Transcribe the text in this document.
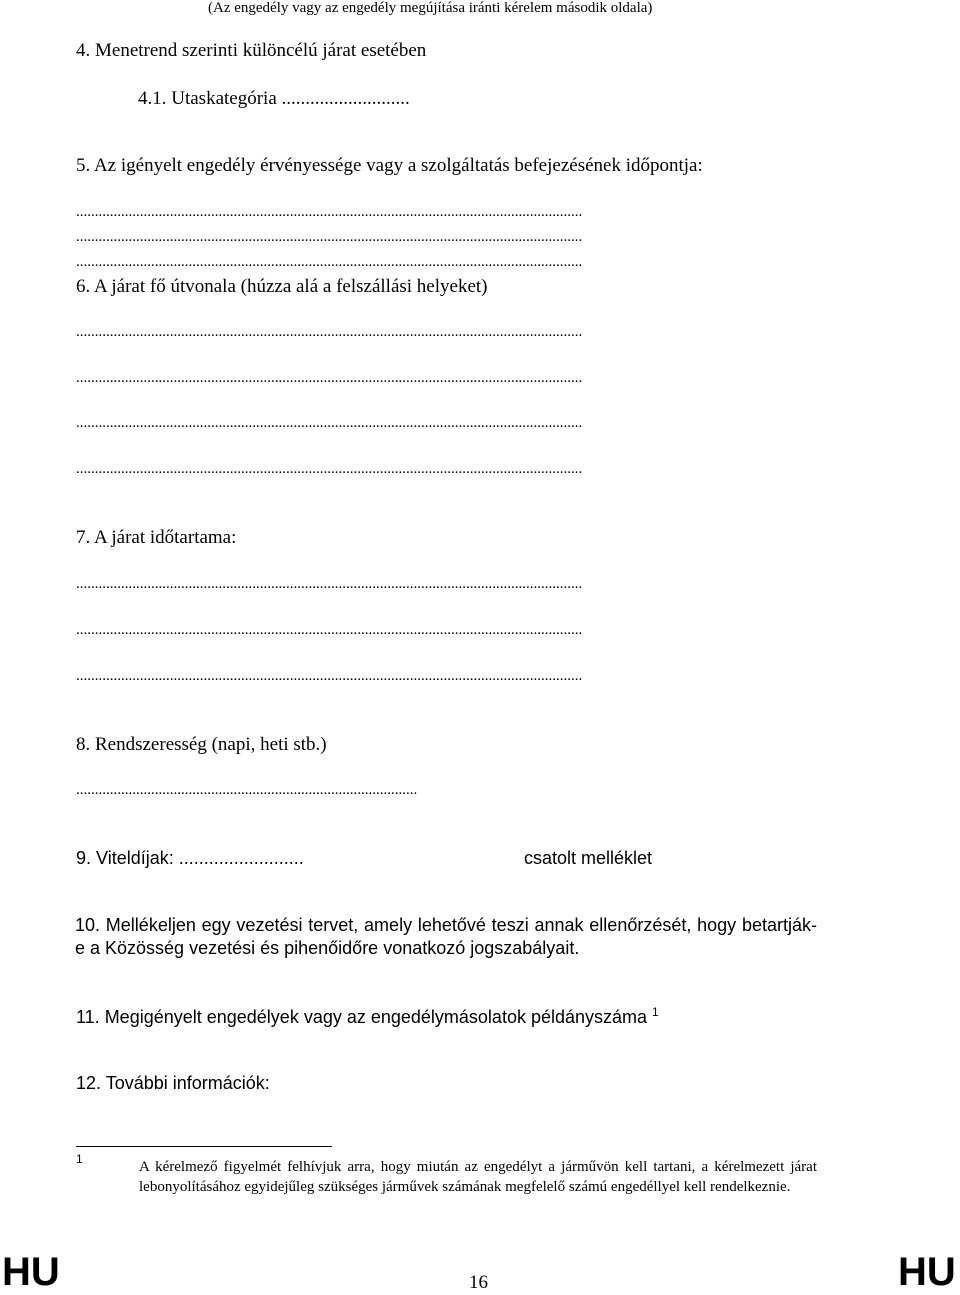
(Az engedély vagy az engedély megújítása iránti kérelem második oldala)
4. Menetrend szerinti különcélú járat esetében
4.1. Utaskategória ...........................
5. Az igényelt engedély érvényessége vagy a szolgáltatás befejezésének időpontja:
.......................................................................................................................................
.......................................................................................................................................
.......................................................................................................................................
6. A járat fő útvonala (húzza alá a felszállási helyeket)
.......................................................................................................................................
.......................................................................................................................................
.......................................................................................................................................
.......................................................................................................................................
7. A járat időtartama:
.......................................................................................................................................
.......................................................................................................................................
.......................................................................................................................................
8. Rendszeresség (napi, heti stb.)
...........................................................................................
9. Viteldíjak: .........................	csatolt melléklet
10. Mellékeljen egy vezetési tervet, amely lehetővé teszi annak ellenőrzését, hogy betartják-e a Közösség vezetési és pihenőidőre vonatkozó jogszabályait.
11. Megigényelt engedélyek vagy az engedélymásolatok példányszáma $^1$
12. További információk:
1	A kérelmező figyelmét felhívjuk arra, hogy miután az engedélyt a járművön kell tartani, a kérelmezett járat lebonyolításához egyidejűleg szükséges járművek számának megfelelő számú engedéllyel kell rendelkeznie.
HU	16	HU
